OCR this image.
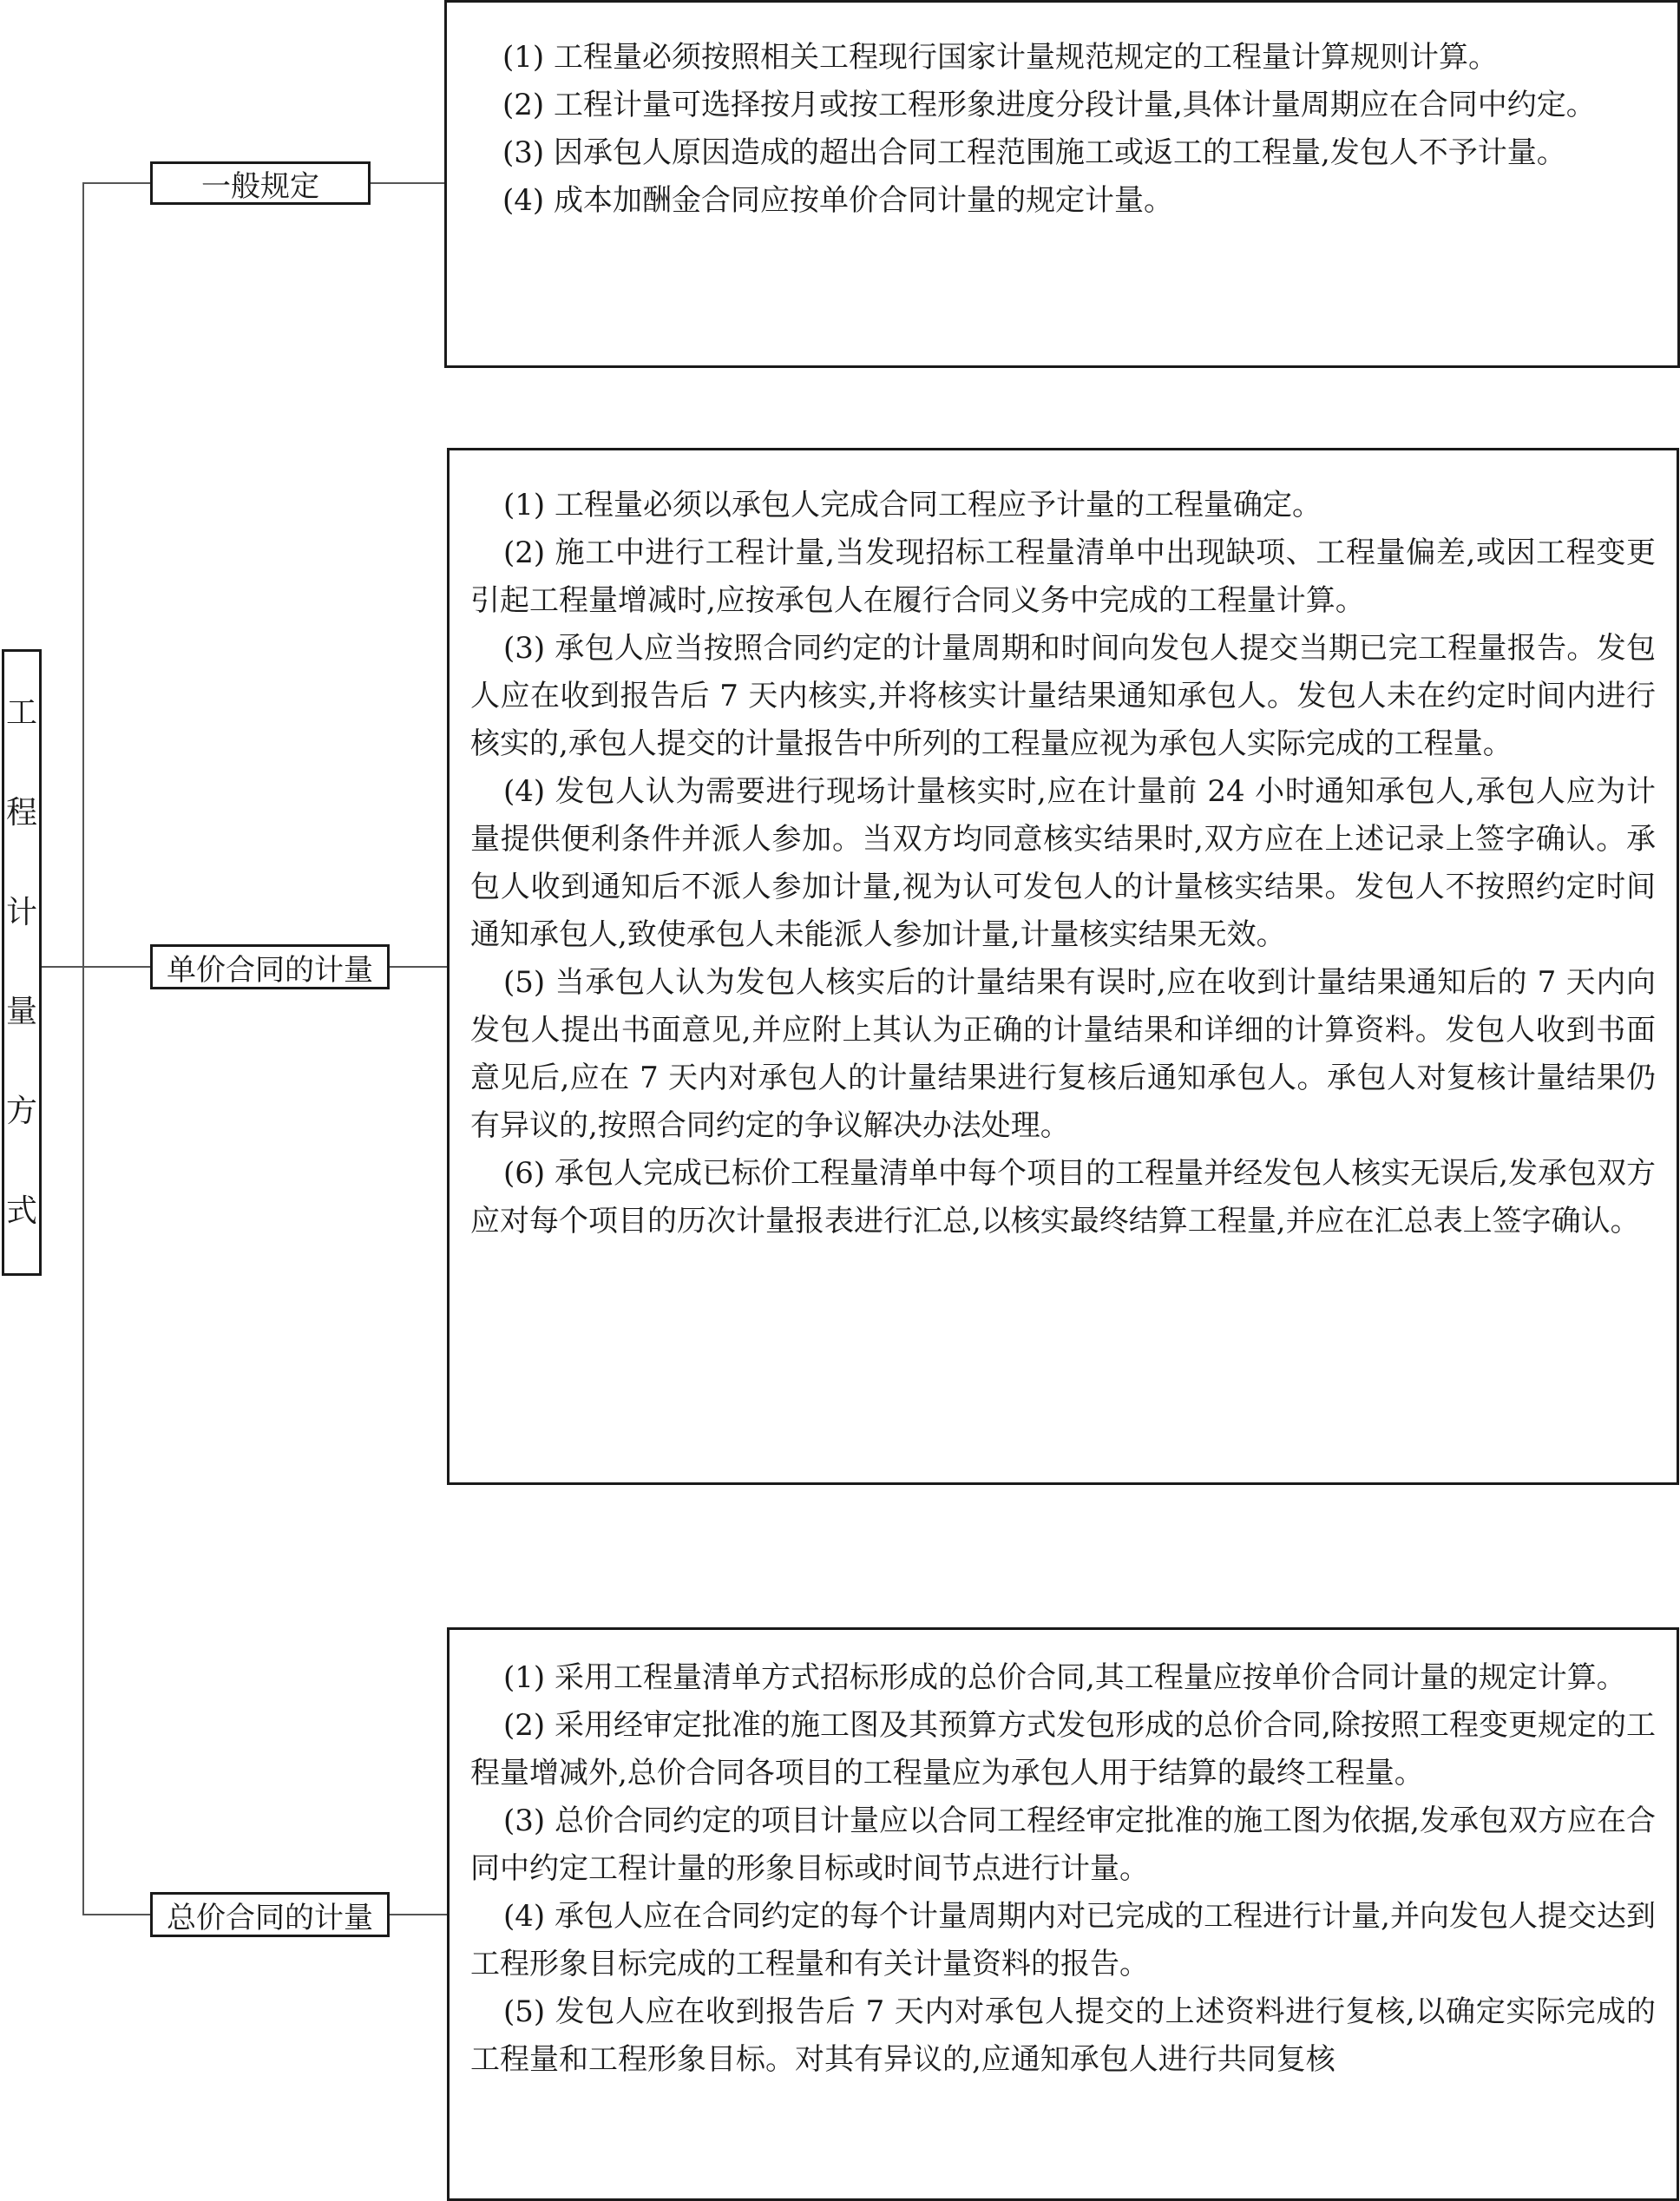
工
程
计
量
方
式
一般规定
单价合同的计量
总价合同的计量

(1) 工程量必须按照相关工程现行国家计量规范规定的工程量计算规则计算。

(2) 工程计量可选择按月或按工程形象进度分段计量,具体计量周期应在合同中约定。

(3) 因承包人原因造成的超出合同工程范围施工或返工的工程量,发包人不予计量。

(4) 成本加酬金合同应按单价合同计量的规定计量。

(1) 工程量必须以承包人完成合同工程应予计量的工程量确定。

(2) 施工中进行工程计量,当发现招标工程量清单中出现缺项、工程量偏差,或因工程变更引起工程量增减时,应按承包人在履行合同义务中完成的工程量计算。

(3) 承包人应当按照合同约定的计量周期和时间向发包人提交当期已完工程量报告。发包人应在收到报告后 7 天内核实,并将核实计量结果通知承包人。发包人未在约定时间内进行核实的,承包人提交的计量报告中所列的工程量应视为承包人实际完成的工程量。

(4) 发包人认为需要进行现场计量核实时,应在计量前 24 小时通知承包人,承包人应为计量提供便利条件并派人参加。当双方均同意核实结果时,双方应在上述记录上签字确认。承包人收到通知后不派人参加计量,视为认可发包人的计量核实结果。发包人不按照约定时间通知承包人,致使承包人未能派人参加计量,计量核实结果无效。

(5) 当承包人认为发包人核实后的计量结果有误时,应在收到计量结果通知后的 7 天内向发包人提出书面意见,并应附上其认为正确的计量结果和详细的计算资料。发包人收到书面意见后,应在 7 天内对承包人的计量结果进行复核后通知承包人。承包人对复核计量结果仍有异议的,按照合同约定的争议解决办法处理。

(6) 承包人完成已标价工程量清单中每个项目的工程量并经发包人核实无误后,发承包双方应对每个项目的历次计量报表进行汇总,以核实最终结算工程量,并应在汇总表上签字确认。

(1) 采用工程量清单方式招标形成的总价合同,其工程量应按单价合同计量的规定计算。

(2) 采用经审定批准的施工图及其预算方式发包形成的总价合同,除按照工程变更规定的工程量增减外,总价合同各项目的工程量应为承包人用于结算的最终工程量。

(3) 总价合同约定的项目计量应以合同工程经审定批准的施工图为依据,发承包双方应在合同中约定工程计量的形象目标或时间节点进行计量。

(4) 承包人应在合同约定的每个计量周期内对已完成的工程进行计量,并向发包人提交达到工程形象目标完成的工程量和有关计量资料的报告。

(5) 发包人应在收到报告后 7 天内对承包人提交的上述资料进行复核,以确定实际完成的工程量和工程形象目标。对其有异议的,应通知承包人进行共同复核
